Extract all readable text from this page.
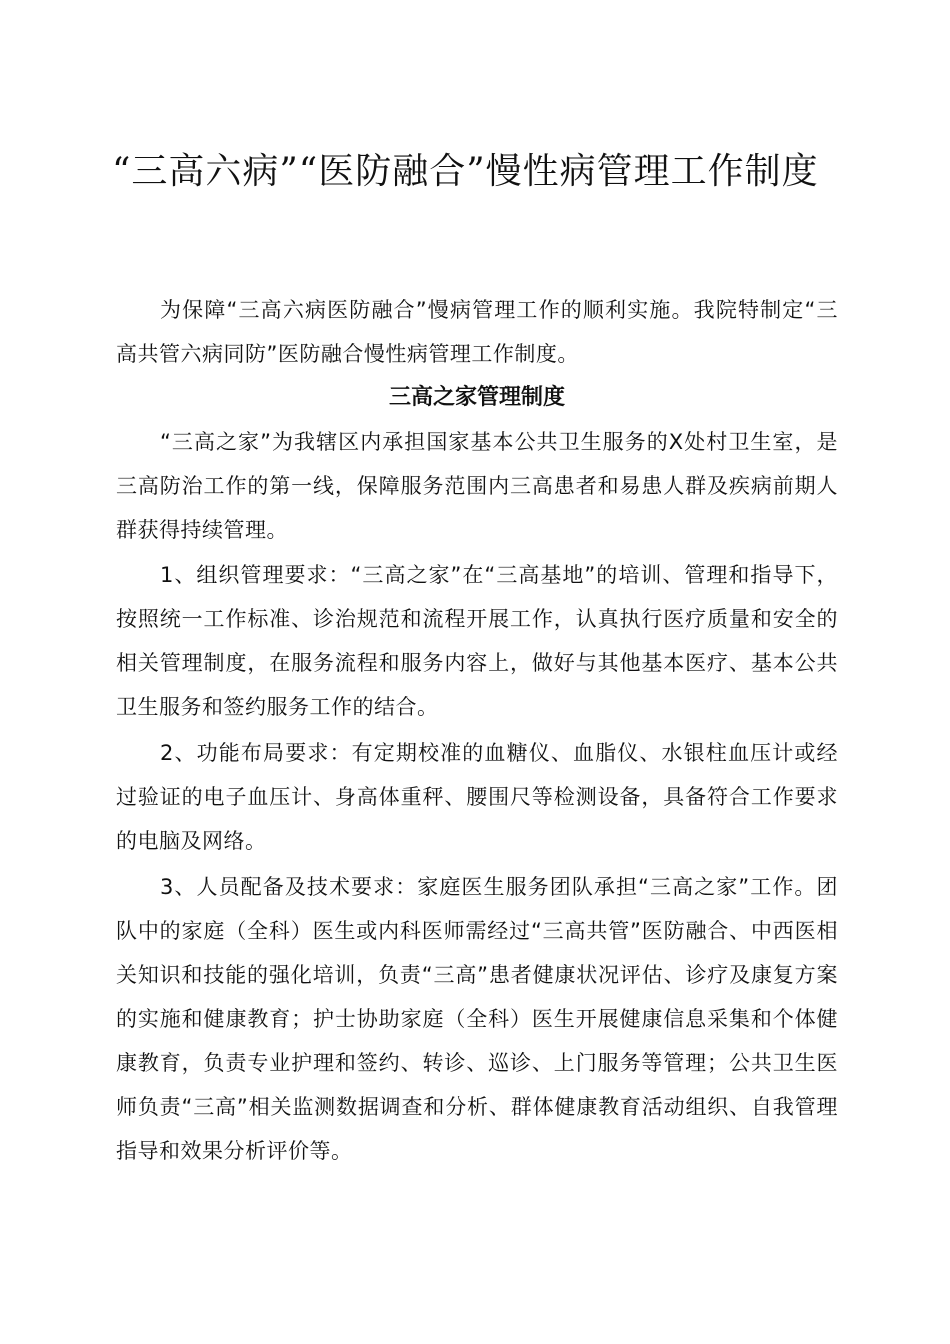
“三高六病”“医防融合”慢性病管理工作制度

为保障“三高六病医防融合”慢病管理工作的顺利实施。我院特制定“三高共管六病同防”医防融合慢性病管理工作制度。

三高之家管理制度

“三高之家”为我辖区内承担国家基本公共卫生服务的X处村卫生室，是三高防治工作的第一线，保障服务范围内三高患者和易患人群及疾病前期人群获得持续管理。

1、组织管理要求：“三高之家”在“三高基地”的培训、管理和指导下，按照统一工作标准、诊治规范和流程开展工作，认真执行医疗质量和安全的相关管理制度，在服务流程和服务内容上，做好与其他基本医疗、基本公共卫生服务和签约服务工作的结合。

2、功能布局要求：有定期校准的血糖仪、血脂仪、水银柱血压计或经过验证的电子血压计、身高体重秤、腰围尺等检测设备，具备符合工作要求的电脑及网络。

3、人员配备及技术要求：家庭医生服务团队承担“三高之家”工作。团队中的家庭（全科）医生或内科医师需经过“三高共管”医防融合、中西医相关知识和技能的强化培训，负责“三高”患者健康状况评估、诊疗及康复方案的实施和健康教育；护士协助家庭（全科）医生开展健康信息采集和个体健康教育，负责专业护理和签约、转诊、巡诊、上门服务等管理；公共卫生医师负责“三高”相关监测数据调查和分析、群体健康教育活动组织、自我管理指导和效果分析评价等。
